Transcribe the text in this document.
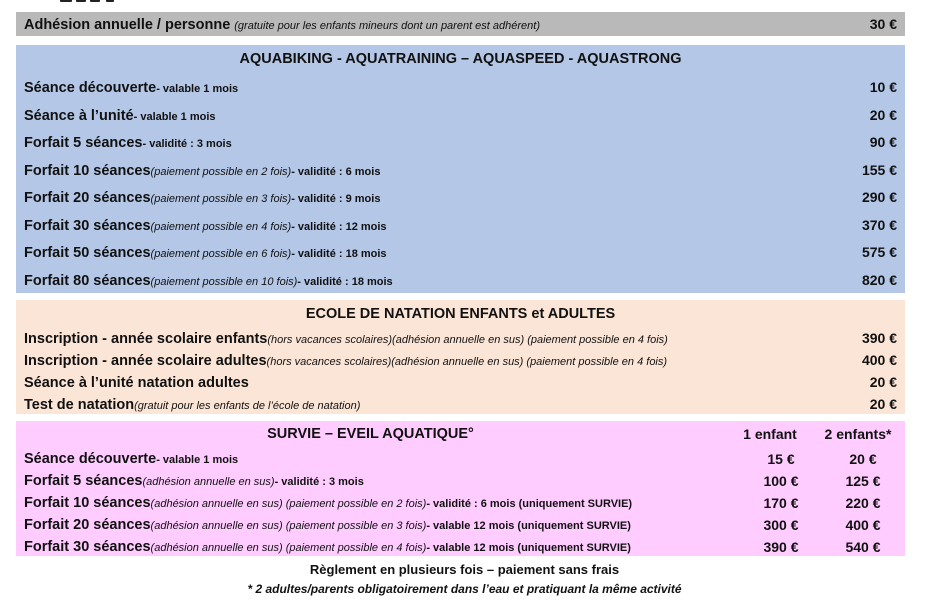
Adhésion annuelle / personne (gratuite pour les enfants mineurs dont un parent est adhérent)	30 €
AQUABIKING - AQUATRAINING – AQUASPEED - AQUASTRONG
Séance découverte - valable 1 mois	10 €
Séance à l’unité - valable 1 mois	20 €
Forfait 5 séances - validité : 3 mois	90 €
Forfait 10 séances (paiement possible en 2 fois) - validité : 6 mois	155 €
Forfait 20 séances (paiement possible en 3 fois) - validité : 9 mois	290 €
Forfait 30 séances (paiement possible en 4 fois) - validité : 12 mois	370 €
Forfait 50 séances (paiement possible en 6 fois) - validité : 18 mois	575 €
Forfait 80 séances (paiement possible en 10 fois) - validité : 18 mois	820 €
ECOLE DE NATATION ENFANTS et ADULTES
Inscription - année scolaire enfants (hors vacances scolaires)(adhésion annuelle en sus) (paiement possible en 4 fois)	390 €
Inscription - année scolaire adultes (hors vacances scolaires)(adhésion annuelle en sus) (paiement possible en 4 fois)	400 €
Séance à l’unité natation adultes	20 €
Test de natation (gratuit pour les enfants de l’école de natation)	20 €
SURVIE – EVEIL AQUATIQUE°	1 enfant	2 enfants*
Séance découverte - valable 1 mois	15 €	20 €
Forfait 5 séances (adhésion annuelle en sus) - validité : 3 mois	100 €	125 €
Forfait 10 séances (adhésion annuelle en sus) (paiement possible en 2 fois) - validité : 6 mois (uniquement SURVIE)	170 €	220 €
Forfait 20 séances (adhésion annuelle en sus) (paiement possible en 3 fois) - valable 12 mois (uniquement SURVIE)	300 €	400 €
Forfait 30 séances (adhésion annuelle en sus) (paiement possible en 4 fois) - valable 12 mois (uniquement SURVIE)	390 €	540 €
Règlement en plusieurs fois – paiement sans frais
* 2 adultes/parents obligatoirement dans l’eau et pratiquant la même activité
